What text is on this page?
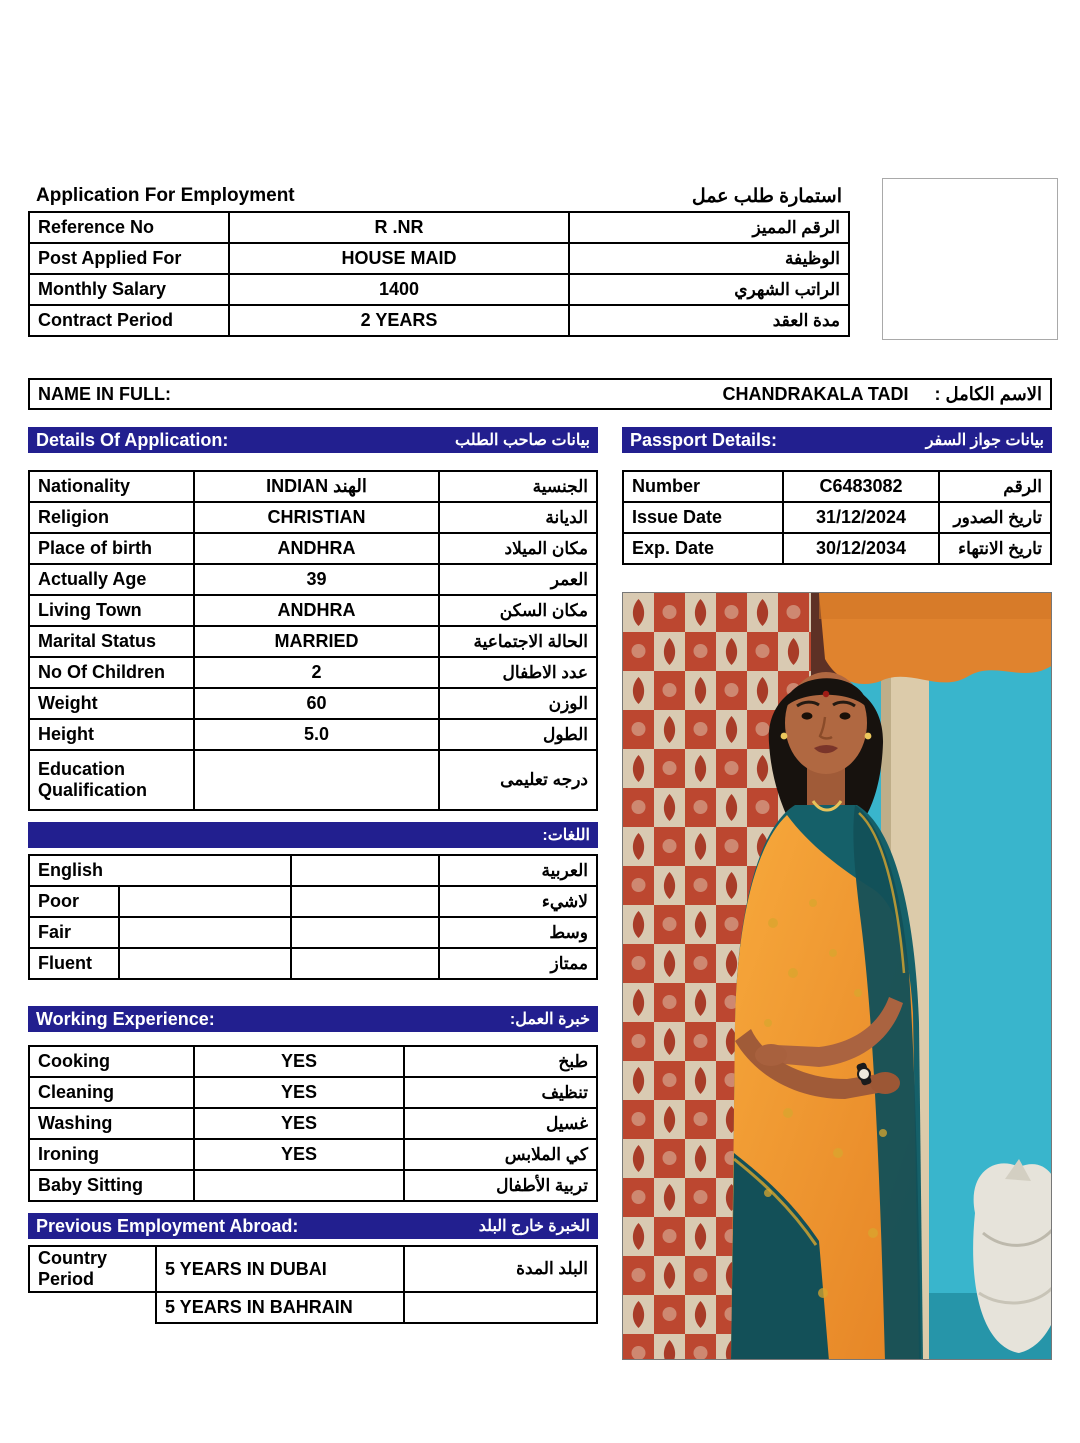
Application For Employment	استمارة طلب عمل
Reference No	R .NR	الرقم المميز
Post Applied For	HOUSE MAID	الوظيفة
Monthly Salary	1400	الراتب الشهري
Contract Period	2 YEARS	مدة العقد
NAME IN FULL:	CHANDRAKALA TADI الاسم الكامل :
Details Of Application:	بيانات صاحب الطلب
Nationality	INDIAN الهند	الجنسية
Religion	CHRISTIAN	الديانة
Place of birth	ANDHRA	مكان الميلاد
Actually Age	39	العمر
Living Town	ANDHRA	مكان السكن
Marital Status	MARRIED	الحالة الاجتماعية
No Of Children	2	عدد الاطفال
Weight	60	الوزن
Height	5.0	الطول
Education Qualification		درجه تعليمى
اللغات:
English			العربية
Poor			لاشيء
Fair			وسط
Fluent			ممتاز
Working Experience:	خبرة العمل:
Cooking	YES	طبخ
Cleaning	YES	تنظيف
Washing	YES	غسيل
Ironing	YES	كي الملابس
Baby Sitting		تربية الأطفال
Previous Employment Abroad:	الخبرة خارج البلد
Country
Period	5 YEARS IN DUBAI	البلد المدة
	5 YEARS IN BAHRAIN	
Passport Details:	بيانات جواز السفر
Number	C6483082	الرقم
Issue Date	31/12/2024	تاريخ الصدور
Exp. Date	30/12/2034	تاريخ الانتهاء
